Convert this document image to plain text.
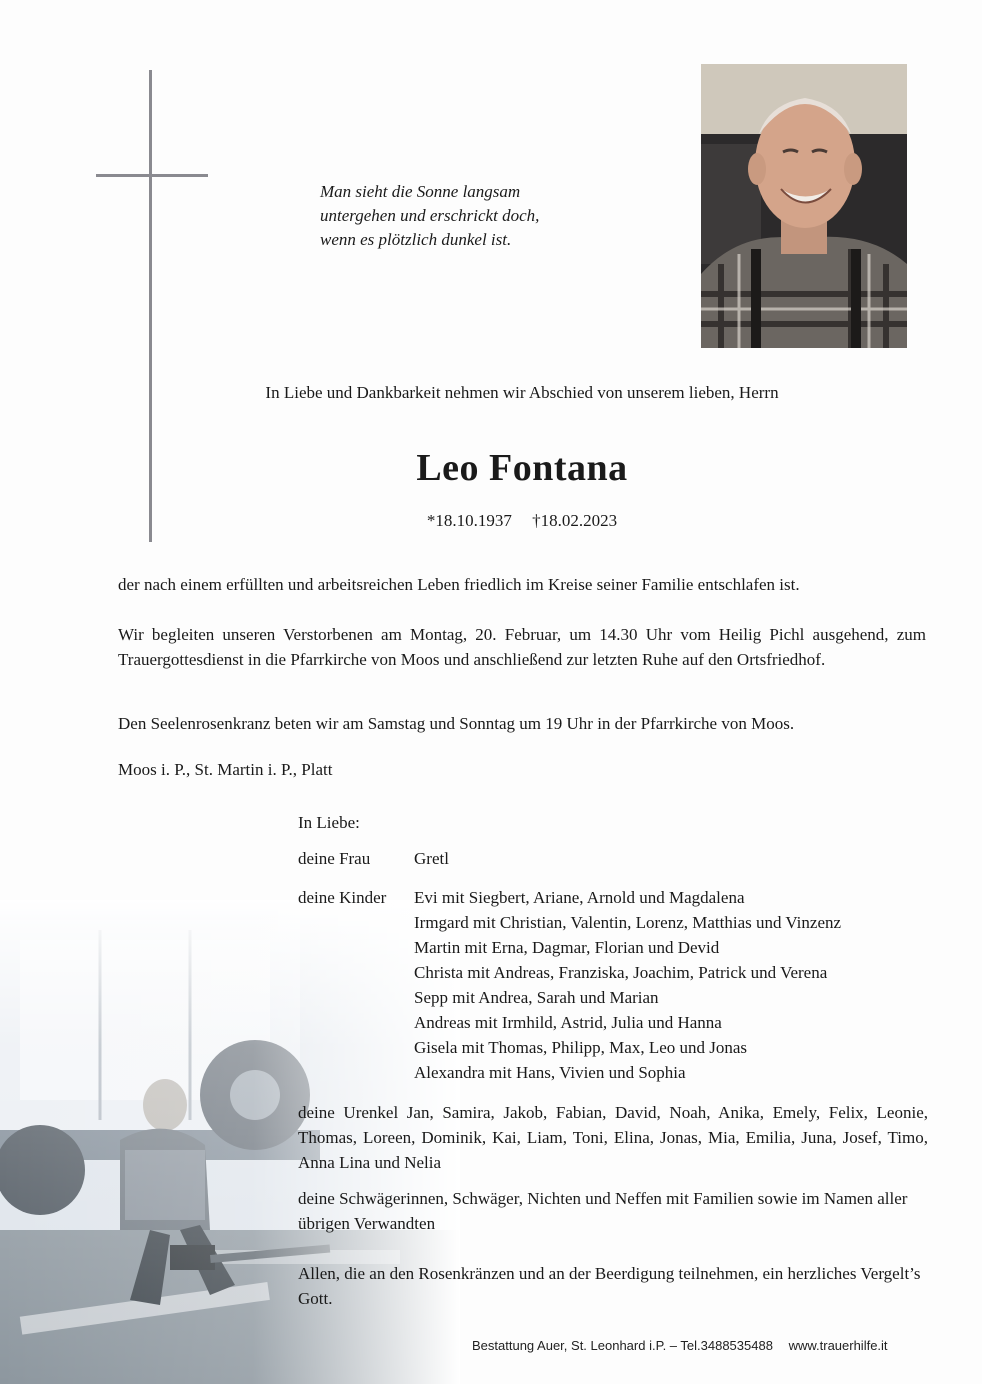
Man sieht die Sonne langsam
untergehen und erschrickt doch,
wenn es plötzlich dunkel ist.
In Liebe und Dankbarkeit nehmen wir Abschied von unserem lieben, Herrn
Leo Fontana
*18.10.1937 †18.02.2023
der nach einem erfüllten und arbeitsreichen Leben friedlich im Kreise seiner Familie entschlafen ist.
Wir begleiten unseren Verstorbenen am Montag, 20. Februar, um 14.30 Uhr vom Heilig Pichl ausgehend, zum Trauergottesdienst in die Pfarrkirche von Moos und anschließend zur letzten Ruhe auf den Ortsfriedhof.
Den Seelenrosenkranz beten wir am Samstag und Sonntag um 19 Uhr in der Pfarrkirche von Moos.
Moos i. P., St. Martin i. P., Platt
In Liebe:
deine Frau	Gretl
deine Kinder Evi mit Siegbert, Ariane, Arnold und Magdalena
Irmgard mit Christian, Valentin, Lorenz, Matthias und Vinzenz
Martin mit Erna, Dagmar, Florian und Devid
Christa mit Andreas, Franziska, Joachim, Patrick und Verena
Sepp mit Andrea, Sarah und Marian
Andreas mit Irmhild, Astrid, Julia und Hanna
Gisela mit Thomas, Philipp, Max, Leo und Jonas
Alexandra mit Hans, Vivien und Sophia
deine Urenkel Jan, Samira, Jakob, Fabian, David, Noah, Anika, Emely, Felix, Leonie, Thomas, Loreen, Dominik, Kai, Liam, Toni, Elina, Jonas, Mia, Emilia, Juna, Josef, Timo, Anna Lina und Nelia
deine Schwägerinnen, Schwäger, Nichten und Neffen mit Familien sowie im Namen aller übrigen Verwandten
Allen, die an den Rosenkränzen und an der Beerdigung teilnehmen, ein herzliches Vergelt’s Gott.
Bestattung Auer, St. Leonhard i.P. – Tel.3488535488 www.trauerhilfe.it
